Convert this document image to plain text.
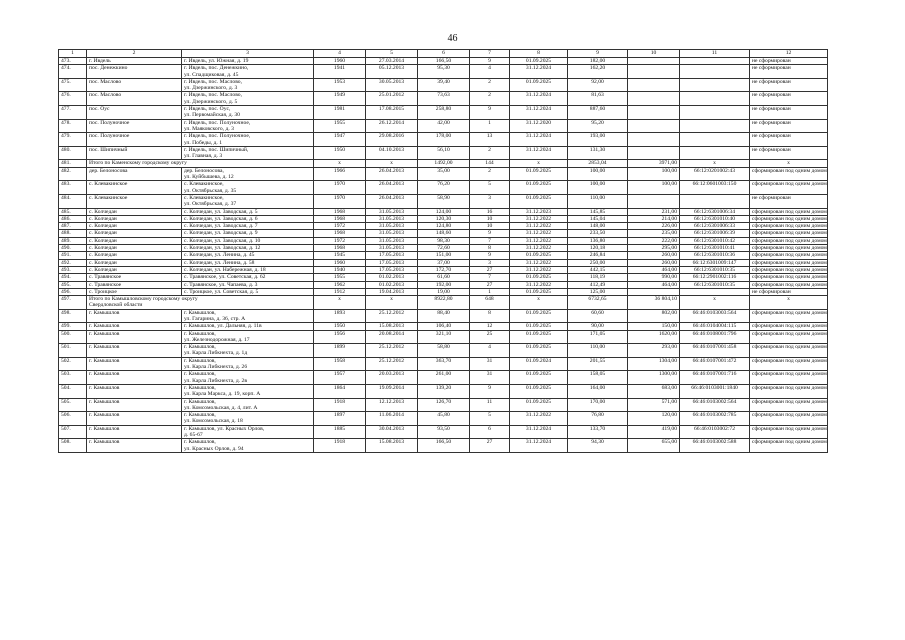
46
1	2	3	4	5	6	7	8	9	10	11	12
473.	г. Ивдель	г. Ивдель, ул. Южная, д. 19	1960	27.03.2014	166,50	9	01.09.2025	182,00			не сформирован
474.	пос. Денежкино	г. Ивдель, пос. Денежкино,
ул. Спадщиковая, д. 45	1941	05.12.2013	95,30	4	31.12.2024	162,20			не сформирован
475.	пос. Маслово	г. Ивдель, пос. Маслово,
ул. Дзержинского, д. 3	1953	30.05.2013	39,40	2	01.09.2025	92,00			не сформирован
476.	пос. Маслово	г. Ивдель, пос. Маслово,
ул. Дзержинского, д. 5	1949	25.01.2012	73,63	2	31.12.2024	81,63			не сформирован
477.	пос. Оус	г. Ивдель, пос. Оус,
ул. Первомайская, д. 30	1981	17.08.2015	258,80	9	31.12.2024	887,60			не сформирован
478.	пос. Полуночное	г. Ивдель, пос. Полуночное,
ул. Маяковского, д. 3	1955	26.12.2014	42,00	1	31.12.2020	95,20			не сформирован
479.	пос. Полуночное	г. Ивдель, пос. Полуночное,
ул. Победы, д. 1	1947	29.08.2016	178,00	13	31.12.2024	193,00			не сформирован
480.	пос. Шипичный	г. Ивдель, пос. Шипичный,
ул. Главная, д. 3	1950	04.10.2013	56,10	2	31.12.2024	131,30			не сформирован
481.	Итого по Каменскому городскому округу		x	x	1492,00	144	x	2853,04	3971,00	x	x
482.	дер. Белоносова	дер. Белоносова,
ул. Куйбышева, д. 12	1966	26.04.2013	35,00	2	01.09.2025	100,00	100,00	66:12:0201002:43	сформирован под одним домом
483.	с. Клевакинское	с. Клевакинское,
ул. Октябрьская, д. 35	1970	26.04.2013	76,20	5	01.09.2025	100,00	100,00	66:12:0601003:150	сформирован под одним домом
484.	с. Клевакинское	с. Клевакинское,
ул. Октябрьская, д. 37	1970	26.04.2013	58,90	3	01.09.2025	110,00			не сформирован
485.	с. Колчедан	с. Колчедан, ул. Заводская, д. 5	1968	31.05.2013	124,00	16	31.12.2023	145,85	231,00	66:12:6301006:34	сформирован под одним домом
486.	с. Колчедан	с. Колчедан, ул. Заводская, д. 6	1968	31.05.2013	120,30	10	31.12.2022	145,04	214,00	66:12:6301010:40	сформирован под одним домом
487.	с. Колчедан	с. Колчедан, ул. Заводская, д. 7	1972	31.05.2013	124,80	10	31.12.2022	148,00	226,00	66:12:6301006:33	сформирован под одним домом
488.	с. Колчедан	с. Колчедан, ул. Заводская, д. 9	1968	31.05.2013	148,60	9	31.12.2022	233,50	235,00	66:12:6301006:39	сформирован под одним домом
489.	с. Колчедан	с. Колчедан, ул. Заводская, д. 10	1972	31.05.2013	98,30	7	31.12.2022	136,80	222,00	66:12:6301010:42	сформирован под одним домом
490.	с. Колчедан	с. Колчедан, ул. Заводская, д. 12	1968	31.05.2013	72,60	8	31.12.2022	120,18	295,00	66:12:6301010:41	сформирован под одним домом
491.	с. Колчедан	с. Колчедан, ул. Ленина, д. 45	1945	17.05.2013	151,00	9	01.09.2025	246,84	260,00	66:12:6301010:36	сформирован под одним домом
492.	с. Колчедан	с. Колчедан, ул. Ленина, д. 58	1960	17.05.2013	37,00	3	31.12.2022	250,00	260,00	66:12:6301009:147	сформирован под одним домом
493.	с. Колчедан	с. Колчедан, ул. Набережная, д. 18	1940	17.05.2013	172,70	27	31.12.2022	442,15	464,00	66:12:6301010:35	сформирован под одним домом
494.	с. Травянское	с. Травянское, ул. Советская, д. 62	1955	01.02.2013	61,60	7	01.09.2025	118,19	990,00	66:12:2901002:116	сформирован под одним домом
495.	с. Травянское	с. Травянское, ул. Чапаева, д. 3	1962	01.02.2013	192,00	27	31.12.2022	412,49	464,00	66:12:6301010:35	сформирован под одним домом
496.	с. Троицкое	с. Троицкое, ул. Советская, д. 5	1912	19.04.2013	19,00	1	01.09.2025	125,00			не сформирован
497.	Итого по Камышловскому городскому округу
Свердловской области		x	x	8922,80	648	x	6732,65	36 804,10	x	x
498.	г. Камышлов	г. Камышлов,
ул. Гагарина, д. 36, стр. А	1893	25.12.2012	88,40	8	01.09.2025	60,60	802,00	66:46:0103003:564	сформирован под одним домом
499.	г. Камышлов	г. Камышлов, ул. Дальняя, д. 11в	1950	15.08.2013	106,40	12	01.09.2025	90,00	150,00	66:46:0104004:115	сформирован под одним домом
500.	г. Камышлов	г. Камышлов,
ул. Железнодорожная, д. 17	1956	20.08.2014	321,10	25	01.09.2025	171,05	1620,00	66:46:0108001:796	сформирован под одним домом
501.	г. Камышлов	г. Камышлов,
ул. Карла Либкнехта, д. 1д	1899	25.12.2012	58,80	4	01.09.2025	110,00	293,00	66:46:0107001:458	сформирован под одним домом
502.	г. Камышлов	г. Камышлов,
ул. Карла Либкнехта, д. 26	1958	25.12.2012	363,70	31	01.09.2024	201,55	1304,00	66:46:0107001:472	сформирован под одним домом
503.	г. Камышлов	г. Камышлов,
ул. Карла Либкнехта, д. 2в	1957	20.03.2013	261,00	31	01.09.2025	158,05	1300,00	66:46:0107001:716	сформирован под одним домом
504.	г. Камышлов	г. Камышлов,
ул. Карла Маркса, д. 19, корп. А	1864	19.09.2014	139,20	9	01.09.2025	164,00	683,00	66:46:0103001:1840	сформирован под одним домом
505.	г. Камышлов	г. Камышлов,
ул. Комсомольская, д. 4, лит. А	1918	12.12.2013	126,70	11	01.09.2025	170,00	571,00	66:46:0103002:564	сформирован под одним домом
506.	г. Камышлов	г. Камышлов,
ул. Комсомольская, д. 18	1897	11.06.2014	45,80	5	31.12.2022	76,80	120,00	66:46:0103002:785	сформирован под одним домом
507.	г. Камышлов	г. Камышлов, ул. Красных Орлов,
д. 65-67	1885	30.04.2013	93,50	6	31.12.2024	133,70	419,00	66:46:0103002:72	сформирован под одним домом
508.	г. Камышлов	г. Камышлов,
ул. Красных Орлов, д. 94	1918	15.08.2013	166,50	27	31.12.2024	94,30	655,00	66:46:0103002:588	сформирован под одним домом
